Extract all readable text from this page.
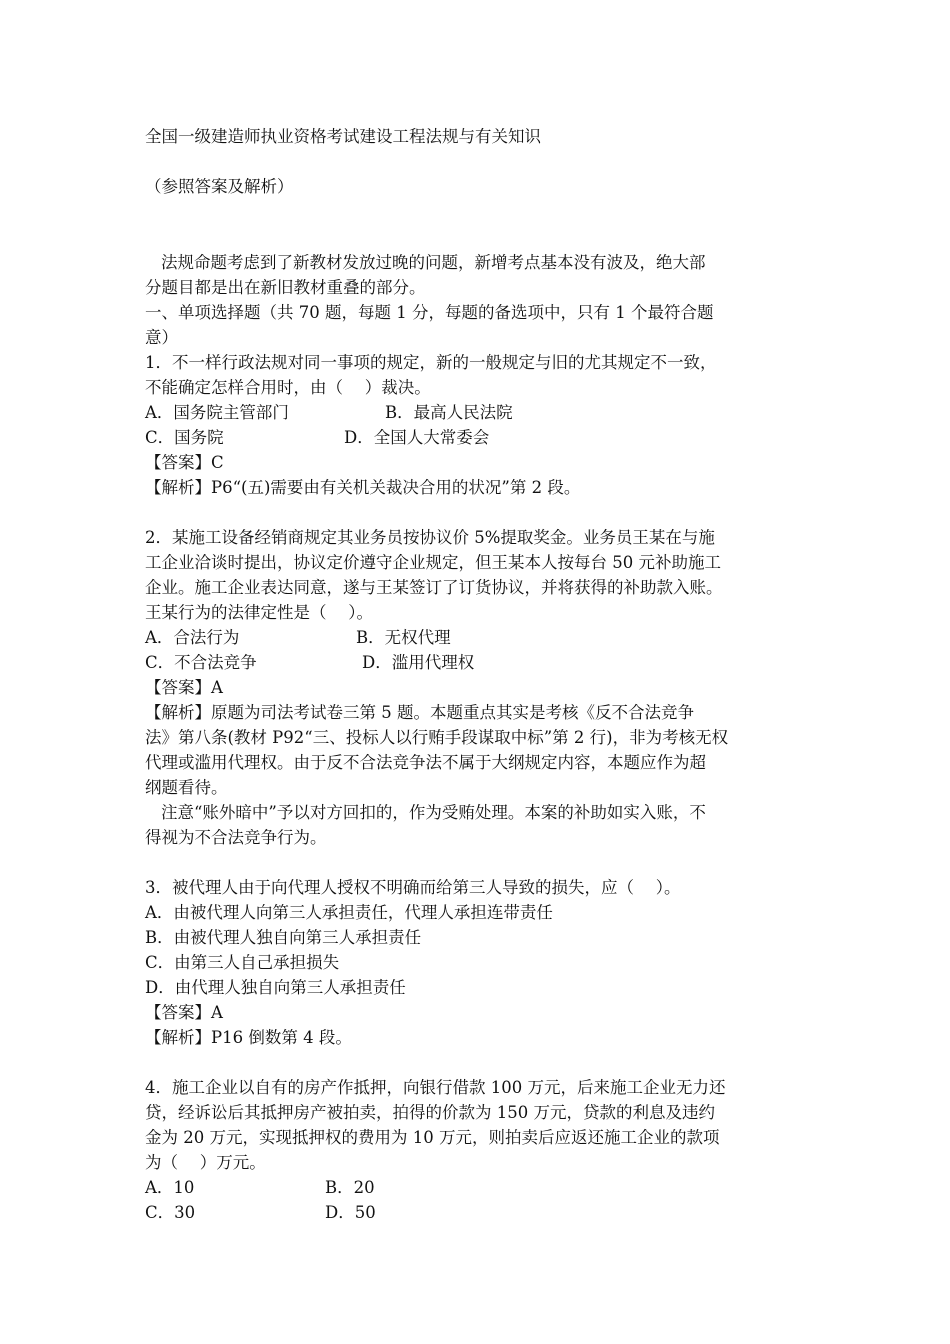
全国一级建造师执业资格考试建设工程法规与有关知识
（参照答案及解析）
法规命题考虑到了新教材发放过晚的问题，新增考点基本没有波及，绝大部
分题目都是出在新旧教材重叠的部分。
一、单项选择题（共 70 题，每题 1 分，每题的备选项中，只有 1 个最符合题
意）
1．不一样行政法规对同一事项的规定，新的一般规定与旧的尤其规定不一致，
不能确定怎样合用时，由（　 ）裁决。
A．国务院主管部门	B．最高人民法院
C．国务院	D．全国人大常委会
【答案】C
【解析】P6“(五)需要由有关机关裁决合用的状况”第 2 段。
2．某施工设备经销商规定其业务员按协议价 5%提取奖金。业务员王某在与施
工企业洽谈时提出，协议定价遵守企业规定，但王某本人按每台 50 元补助施工
企业。施工企业表达同意，遂与王某签订了订货协议，并将获得的补助款入账。
王某行为的法律定性是（　 ）。
A．合法行为	B．无权代理
C．不合法竞争	D．滥用代理权
【答案】A
【解析】原题为司法考试卷三第 5 题。本题重点其实是考核《反不合法竞争
法》第八条(教材 P92“三、投标人以行贿手段谋取中标”第 2 行)，非为考核无权
代理或滥用代理权。由于反不合法竞争法不属于大纲规定内容，本题应作为超
纲题看待。
注意“账外暗中”予以对方回扣的，作为受贿处理。本案的补助如实入账，不
得视为不合法竞争行为。
3．被代理人由于向代理人授权不明确而给第三人导致的损失，应（　 ）。
A．由被代理人向第三人承担责任，代理人承担连带责任
B．由被代理人独自向第三人承担责任
C．由第三人自己承担损失
D．由代理人独自向第三人承担责任
【答案】A
【解析】P16 倒数第 4 段。
4．施工企业以自有的房产作抵押，向银行借款 100 万元，后来施工企业无力还
贷，经诉讼后其抵押房产被拍卖，拍得的价款为 150 万元，贷款的利息及违约
金为 20 万元，实现抵押权的费用为 10 万元，则拍卖后应返还施工企业的款项
为（　 ）万元。
A．10	B．20
C．30	D．50
